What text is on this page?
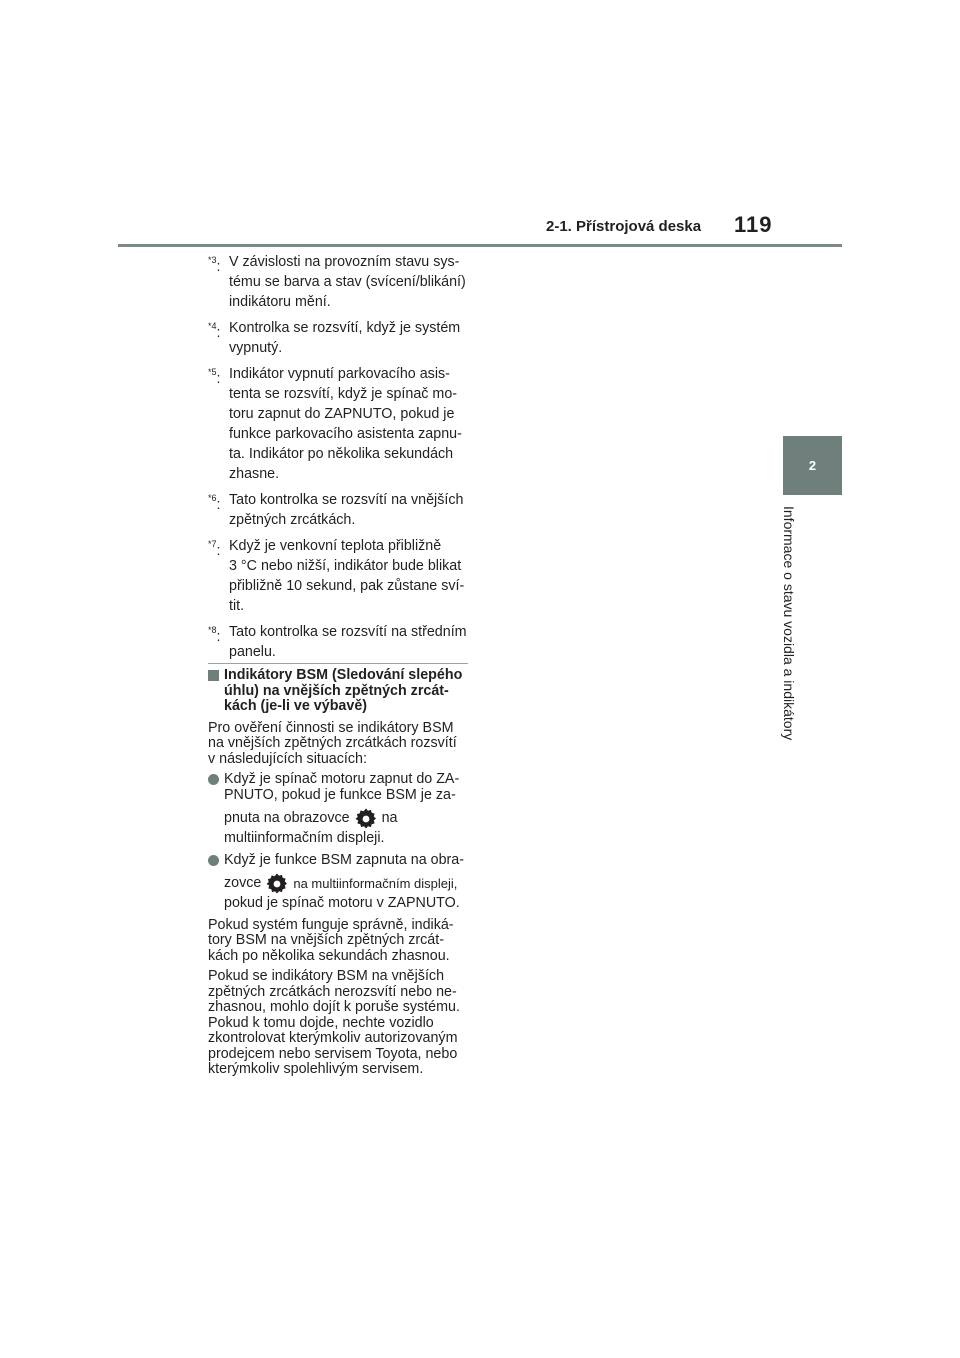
2-1. Přístrojová deska 119
2
Informace o stavu vozidla a indikátory
$^{*3}$: V závislosti na provozním stavu sys-
tému se barva a stav (svícení/blikání)
indikátoru mění.
$^{*4}$: Kontrolka se rozsvítí, když je systém
vypnutý.
$^{*5}$: Indikátor vypnutí parkovacího asis-
tenta se rozsvítí, když je spínač mo-
toru zapnut do ZAPNUTO, pokud je
funkce parkovacího asistenta zapnu-
ta. Indikátor po několika sekundách
zhasne.
$^{*6}$: Tato kontrolka se rozsvítí na vnějších
zpětných zrcátkách.
$^{*7}$: Když je venkovní teplota přibližně
3 °C nebo nižší, indikátor bude blikat
přibližně 10 sekund, pak zůstane sví-
tit.
$^{*8}$: Tato kontrolka se rozsvítí na středním
panelu.
Indikátory BSM (Sledování slepého
úhlu) na vnějších zpětných zrcát-
kách (je-li ve výbavě)
Pro ověření činnosti se indikátory BSM
na vnějších zpětných zrcátkách rozsvítí
v následujících situacích:
Když je spínač motoru zapnut do ZA-
PNUTO, pokud je funkce BSM je za-
pnuta na obrazovce na
multiinformačním displeji.
Když je funkce BSM zapnuta na obra-
zovce na multiinformačním displeji,
pokud je spínač motoru v ZAPNUTO.
Pokud systém funguje správně, indiká-
tory BSM na vnějších zpětných zrcát-
kách po několika sekundách zhasnou.
Pokud se indikátory BSM na vnějších
zpětných zrcátkách nerozsvítí nebo ne-
zhasnou, mohlo dojít k poruše systému.
Pokud k tomu dojde, nechte vozidlo
zkontrolovat kterýmkoliv autorizovaným
prodejcem nebo servisem Toyota, nebo
kterýmkoliv spolehlivým servisem.
